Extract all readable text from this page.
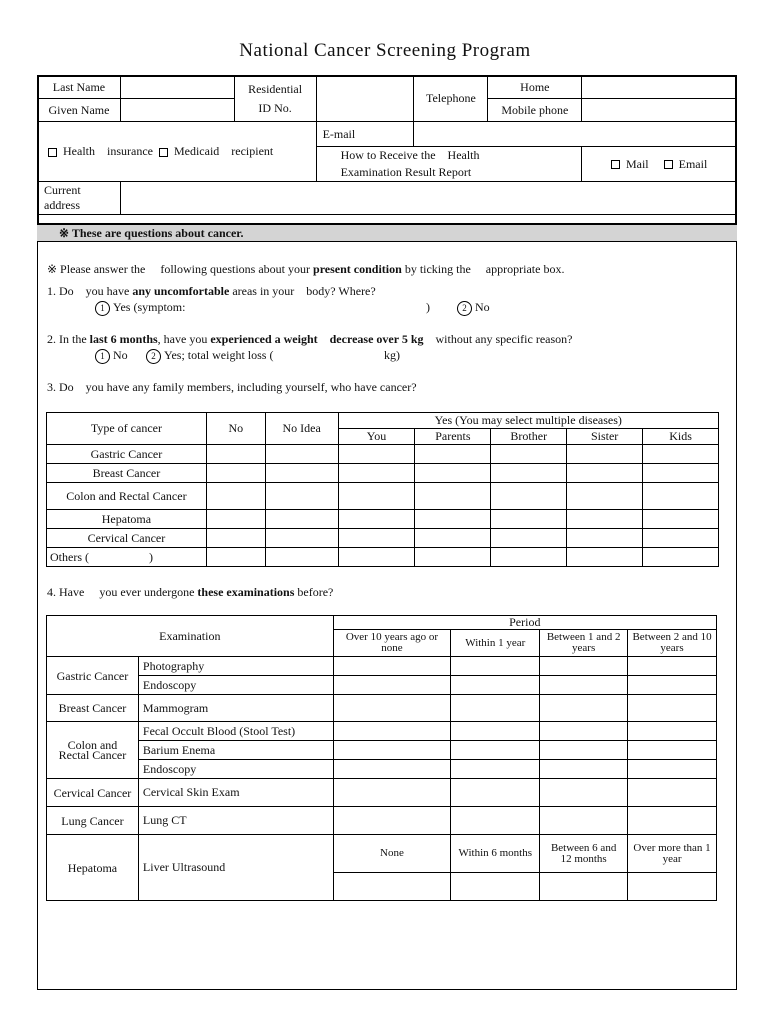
National Cancer Screening Program
Last Name		Residential
ID No.		Telephone	Home	
Given Name					Mobile phone	
Health    insurance Medicaid    recipient			E-mail			
			How to Receive the    Health
Examination Result Report			Mail Email
Current
address						
※ These are questions about cancer.
※ Please answer the     following questions about your present condition by ticking the     appropriate box.
1. Do    you have any uncomfortable areas in your    body? Where?
1 Yes (symptom:	)	2 No
2. In the last 6 months, have you experienced a weight    decrease over 5 kg    without any specific reason?
1 No	2 Yes; total weight loss (	kg)
3. Do    you have any family members, including yourself, who have cancer?
Type of cancer	No	No Idea	Yes (You may select multiple diseases)				
			You	Parents	Brother	Sister	Kids
Gastric Cancer							
Breast Cancer							
Colon and Rectal Cancer							
Hepatoma							
Cervical Cancer							
Others (                    )							
4. Have     you ever undergone these examinations before?
Examination		Period			
		Over 10 years ago or none	Within 1 year	Between 1 and 2 years	Between 2 and 10 years
Gastric Cancer	Photography				
	Endoscopy				
Breast Cancer	Mammogram				
Colon and Rectal Cancer	Fecal Occult Blood (Stool Test)				
	Barium Enema				
	Endoscopy				
Cervical Cancer	Cervical Skin Exam				
Lung Cancer	Lung CT				
Hepatoma	Liver Ultrasound	None	Within 6 months	Between 6 and 12 months	Over more than 1 year
